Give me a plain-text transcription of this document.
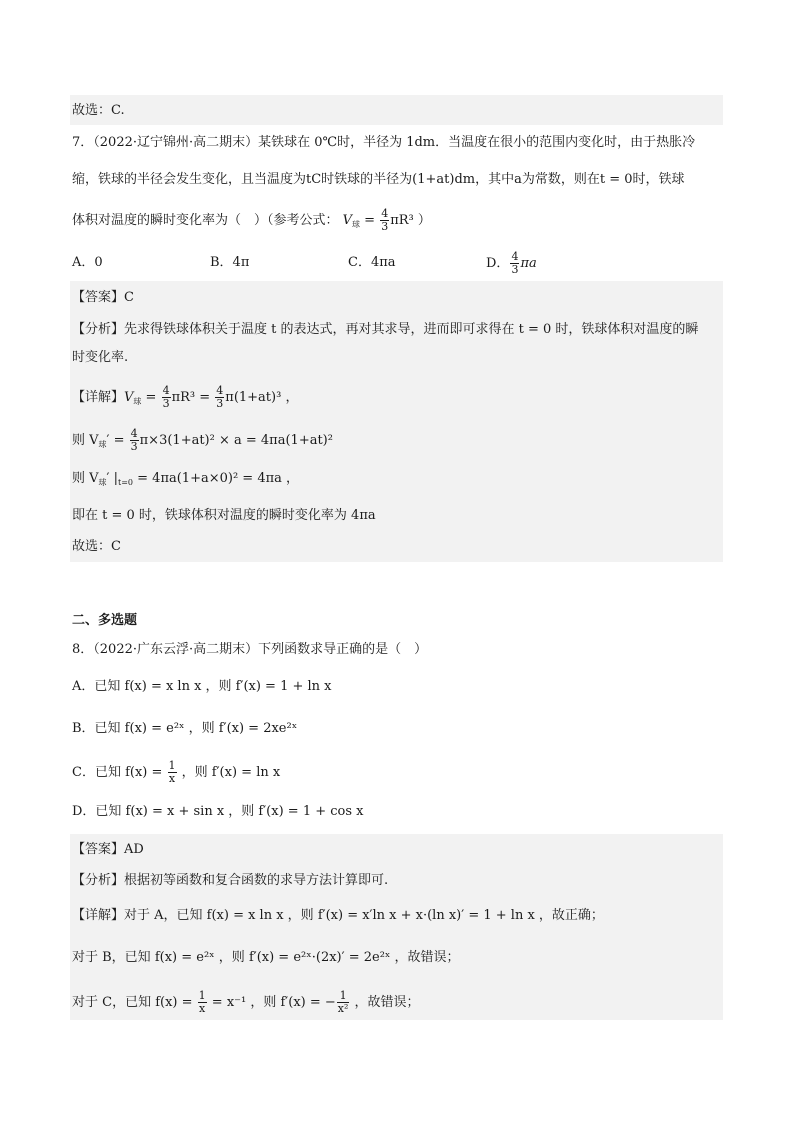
故选：C.
7．（2022·辽宁锦州·高二期末）某铁球在 0℃时，半径为 1dm．当温度在很小的范围内变化时，由于热胀冷
缩，铁球的半径会发生变化，且当温度为tC时铁球的半径为(1+at)dm，其中a为常数，则在t = 0时，铁球
体积对温度的瞬时变化率为（　）（参考公式： $V_球 = \frac{4}{3} \pi R^3$ ）
A．0	B．4π	C．4πa	D． $\frac{4}{3}$ πa
【答案】C
【分析】先求得铁球体积关于温度 t 的表达式，再对其求导，进而即可求得在 t = 0 时，铁球体积对温度的瞬
时变化率.
【详解】$V_球 = \frac{4}{3} \pi R^3 = \frac{4}{3} \pi(1+at)^3$ ，
则 $V_球' = \frac{4}{3} \pi\times 3(1+at)^2 \times a = 4\pi a(1+at)^2$
则 $V_球'$ $|_{t=0} = 4\pi a(1+a\times 0)^2 = 4\pi a$ ，
即在 t = 0 时，铁球体积对温度的瞬时变化率为 4πa
故选：C
二、多选题
8．（2022·广东云浮·高二期末）下列函数求导正确的是（　）
A．已知 f(x) = x ln x ，则 f′(x) = 1 + ln x
B．已知 f(x) = e²ˣ ，则 f′(x) = 2xe²ˣ
C．已知 $f(x) = \frac{1}{x}$ ，则 f′(x) = ln x
D．已知 f(x) = x + sin x ，则 f′(x) = 1 + cos x
【答案】AD
【分析】根据初等函数和复合函数的求导方法计算即可.
【详解】对于 A，已知 f(x) = x ln x ，则 f′(x) = x′ln x + x·(ln x)′ = 1 + ln x ，故正确；
对于 B，已知 f(x) = e²ˣ ，则 f′(x) = e²ˣ·(2x)′ = 2e²ˣ ，故错误；
对于 C，已知 $f(x) = \frac{1}{x} = x^{-1}$ ，则 f′(x) = − $\frac{1}{\text{x²}}$ ，故错误；
